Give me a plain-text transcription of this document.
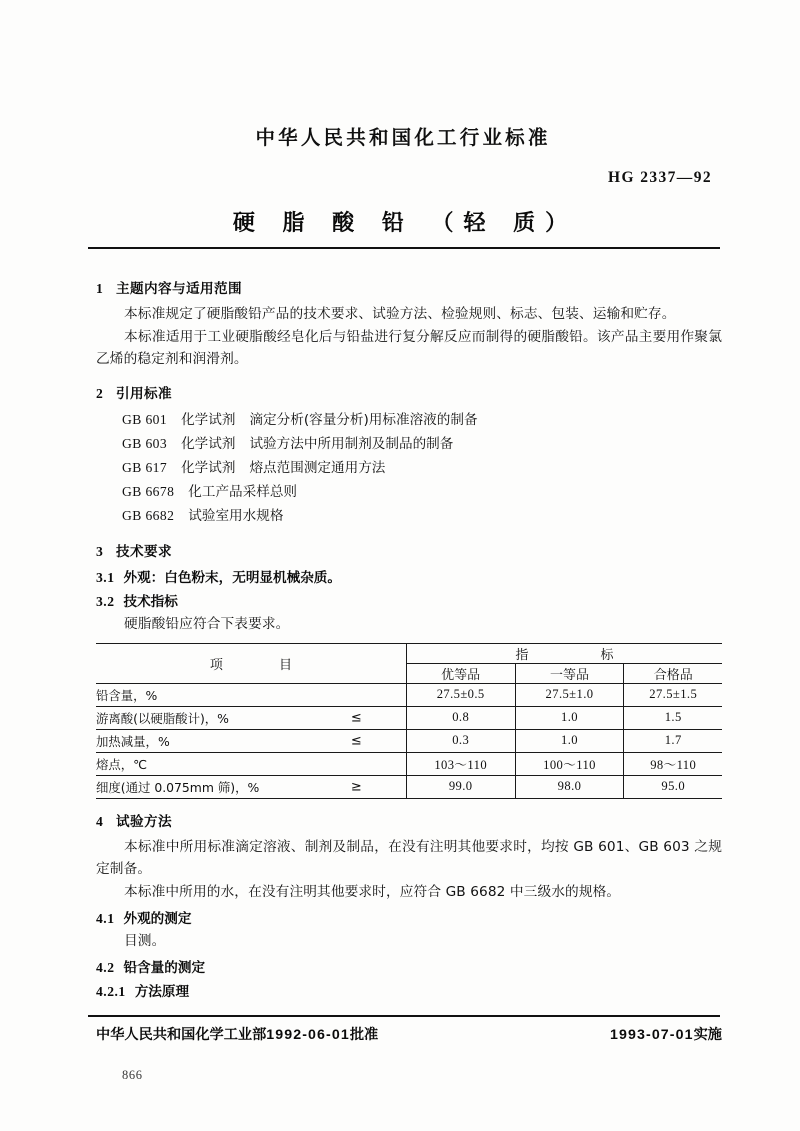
中华人民共和国化工行业标准
HG 2337—92
硬 脂 酸 铅 （轻 质）
1 主题内容与适用范围

本标准规定了硬脂酸铅产品的技术要求、试验方法、检验规则、标志、包装、运输和贮存。

本标准适用于工业硬脂酸经皂化后与铅盐进行复分解反应而制得的硬脂酸铅。该产品主要用作聚氯乙烯的稳定剂和润滑剂。

2 引用标准
GB 601 化学试剂 滴定分析(容量分析)用标准溶液的制备
GB 603 化学试剂 试验方法中所用制剂及制品的制备
GB 617 化学试剂 熔点范围测定通用方法
GB 6678 化工产品采样总则
GB 6682 试验室用水规格
3 技术要求
3.1 外观：白色粉末，无明显机械杂质。
3.2 技术指标

硬脂酸铅应符合下表要求。

项 目	指 标		
	优等品	一等品	合格品
铅含量，%	27.5±0.5	27.5±1.0	27.5±1.5
游离酸(以硬脂酸计)，% ≤	0.8	1.0	1.5
加热减量，% ≤	0.3	1.0	1.7
熔点，℃	103～110	100～110	98～110
细度(通过 0.075mm 筛)，% ≥	99.0	98.0	95.0
4 试验方法

本标准中所用标准滴定溶液、制剂及制品，在没有注明其他要求时，均按 GB 601、GB 603 之规定制备。

本标准中所用的水，在没有注明其他要求时，应符合 GB 6682 中三级水的规格。

4.1 外观的测定

目测。

4.2 铅含量的测定
4.2.1 方法原理
中华人民共和国化学工业部1992-06-01批准	1993-07-01实施
866
